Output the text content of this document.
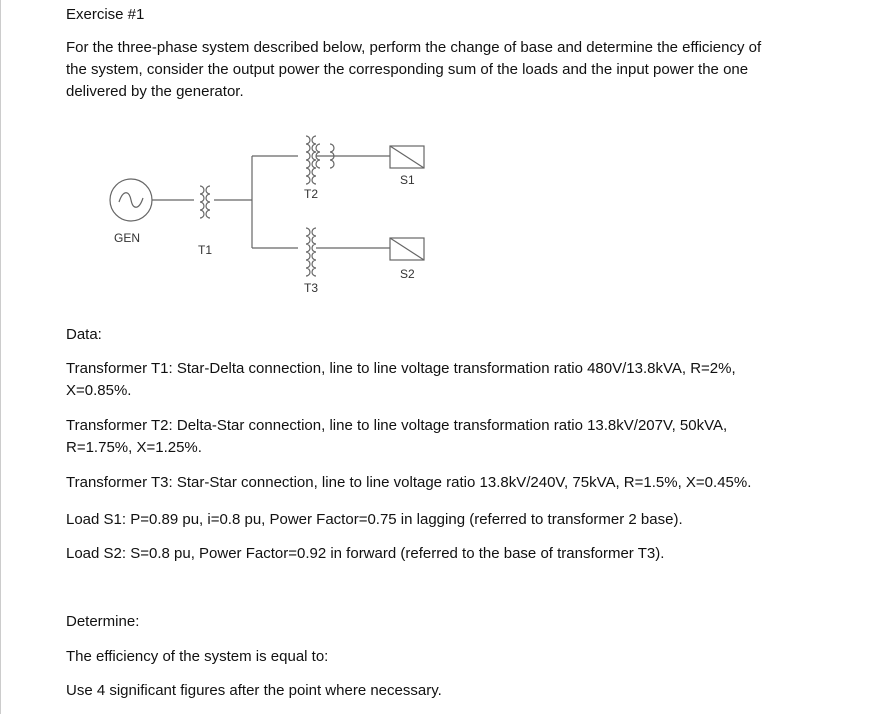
Exercise #1

For the three-phase system described below, perform the change of base and determine the efficiency of the system, consider the output power the corresponding sum of the loads and the input power the one delivered by the generator.

GEN
T1
T2
T3
S1
S2

Data:

Transformer T1: Star-Delta connection, line to line voltage transformation ratio 480V/13.8kVA, R=2%, X=0.85%.

Transformer T2: Delta-Star connection, line to line voltage transformation ratio 13.8kV/207V, 50kVA, R=1.75%, X=1.25%.

Transformer T3: Star-Star connection, line to line voltage ratio 13.8kV/240V, 75kVA, R=1.5%, X=0.45%.

Load S1: P=0.89 pu, i=0.8 pu, Power Factor=0.75 in lagging (referred to transformer 2 base).

Load S2: S=0.8 pu, Power Factor=0.92 in forward (referred to the base of transformer T3).

Determine:

The efficiency of the system is equal to:

Use 4 significant figures after the point where necessary.
